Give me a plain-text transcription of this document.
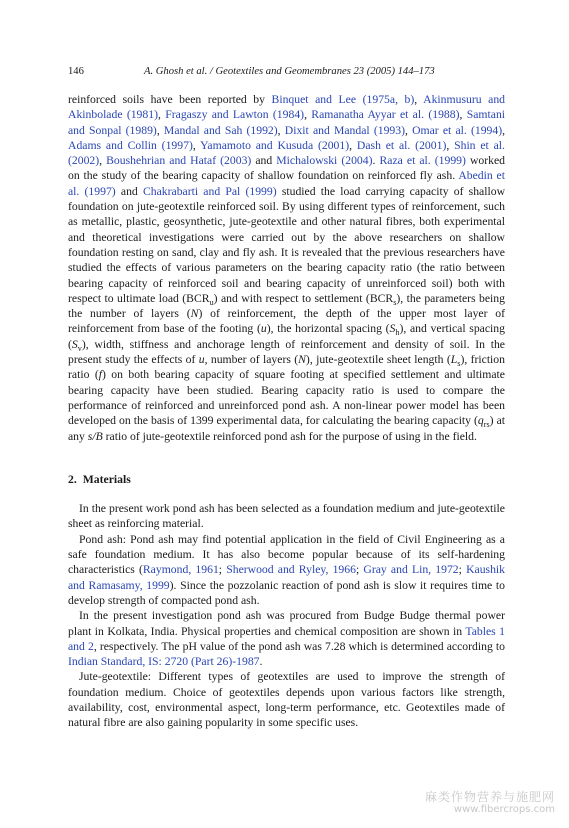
146	A. Ghosh et al. / Geotextiles and Geomembranes 23 (2005) 144–173

reinforced soils have been reported by Binquet and Lee (1975a, b), Akinmusuru and Akinbolade (1981), Fragaszy and Lawton (1984), Ramanatha Ayyar et al. (1988), Samtani and Sonpal (1989), Mandal and Sah (1992), Dixit and Mandal (1993), Omar et al. (1994), Adams and Collin (1997), Yamamoto and Kusuda (2001), Dash et al. (2001), Shin et al. (2002), Boushehrian and Hataf (2003) and Michalowski (2004). Raza et al. (1999) worked on the study of the bearing capacity of shallow foundation on reinforced fly ash. Abedin et al. (1997) and Chakrabarti and Pal (1999) studied the load carrying capacity of shallow foundation on jute-geotextile reinforced soil. By using different types of reinforcement, such as metallic, plastic, geosynthetic, jute-geotextile and other natural fibres, both experimental and theoretical investigations were carried out by the above researchers on shallow foundation resting on sand, clay and fly ash. It is revealed that the previous researchers have studied the effects of various parameters on the bearing capacity ratio (the ratio between bearing capacity of reinforced soil and bearing capacity of unreinforced soil) both with respect to ultimate load $(BCR_u)$ and with respect to settlement $(BCR_s)$, the parameters being the number of layers (N) of reinforcement, the depth of the upper most layer of reinforcement from base of the footing (u), the horizontal spacing $(S_h)$, and vertical spacing $(S_v)$, width, stiffness and anchorage length of reinforcement and density of soil. In the present study the effects of u, number of layers (N), jute-geotextile sheet length $(L_s)$, friction ratio (f) on both bearing capacity of square footing at specified settlement and ultimate bearing capacity have been studied. Bearing capacity ratio is used to compare the performance of reinforced and unreinforced pond ash. A non-linear power model has been developed on the basis of 1399 experimental data, for calculating the bearing capacity $(q_{rs})$ at any s/B ratio of jute-geotextile reinforced pond ash for the purpose of using in the field.

2. Materials

In the present work pond ash has been selected as a foundation medium and jute-geotextile sheet as reinforcing material.

Pond ash: Pond ash may find potential application in the field of Civil Engineering as a safe foundation medium. It has also become popular because of its self-hardening characteristics (Raymond, 1961; Sherwood and Ryley, 1966; Gray and Lin, 1972; Kaushik and Ramasamy, 1999). Since the pozzolanic reaction of pond ash is slow it requires time to develop strength of compacted pond ash.

In the present investigation pond ash was procured from Budge Budge thermal power plant in Kolkata, India. Physical properties and chemical composition are shown in Tables 1 and 2, respectively. The pH value of the pond ash was 7.28 which is determined according to Indian Standard, IS: 2720 (Part 26)-1987.

Jute-geotextile: Different types of geotextiles are used to improve the strength of foundation medium. Choice of geotextiles depends upon various factors like strength, availability, cost, environmental aspect, long-term performance, etc. Geotextiles made of natural fibre are also gaining popularity in some specific uses.

麻类作物营养与施肥网
www.fibercrops.com
